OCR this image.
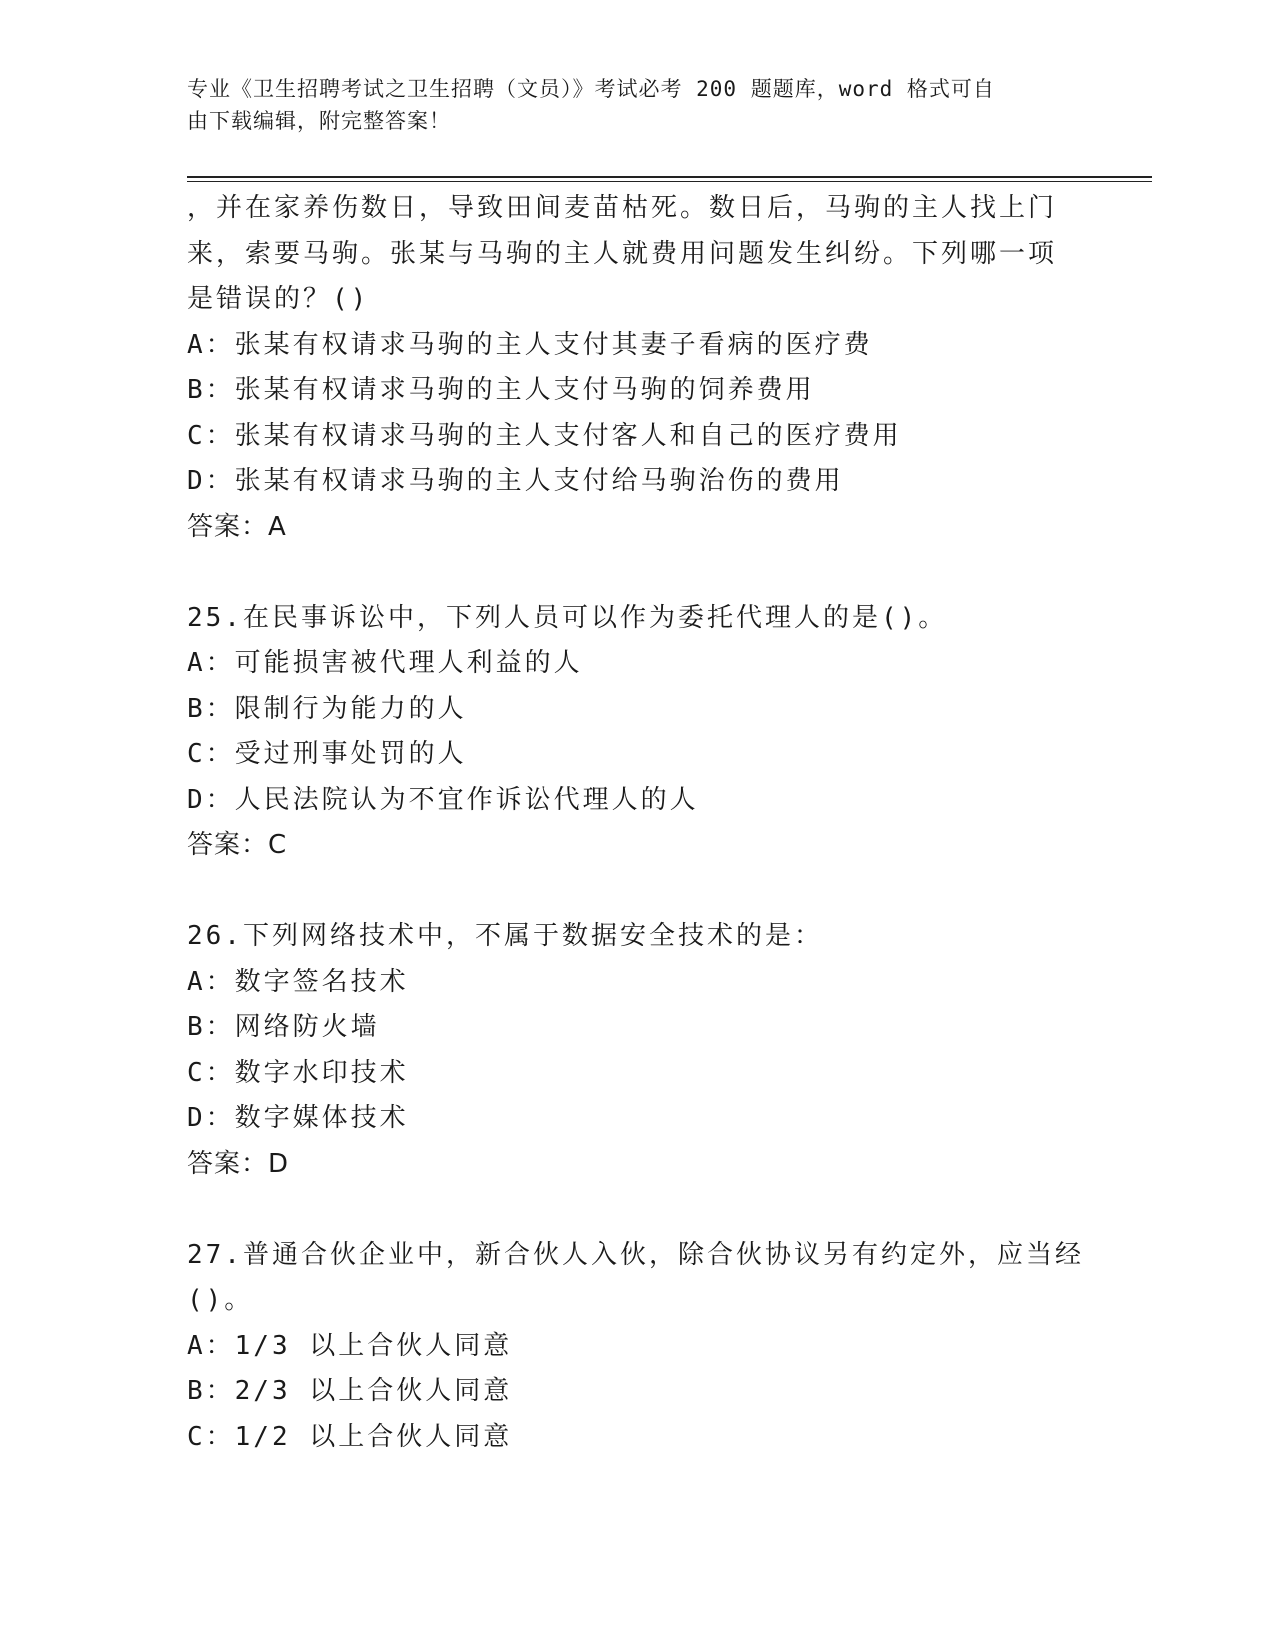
专业《卫生招聘考试之卫生招聘（文员）》考试必考 200 题题库，word 格式可自
由下载编辑，附完整答案！
，并在家养伤数日，导致田间麦苗枯死。数日后，马驹的主人找上门
来，索要马驹。张某与马驹的主人就费用问题发生纠纷。下列哪一项
是错误的？()
A：张某有权请求马驹的主人支付其妻子看病的医疗费
B：张某有权请求马驹的主人支付马驹的饲养费用
C：张某有权请求马驹的主人支付客人和自己的医疗费用
D：张某有权请求马驹的主人支付给马驹治伤的费用
答案：A
25.在民事诉讼中，下列人员可以作为委托代理人的是()。
A：可能损害被代理人利益的人
B：限制行为能力的人
C：受过刑事处罚的人
D：人民法院认为不宜作诉讼代理人的人
答案：C
26.下列网络技术中，不属于数据安全技术的是：
A：数字签名技术
B：网络防火墙
C：数字水印技术
D：数字媒体技术
答案：D
27.普通合伙企业中，新合伙人入伙，除合伙协议另有约定外，应当经
()。
A：1/3 以上合伙人同意
B：2/3 以上合伙人同意
C：1/2 以上合伙人同意
